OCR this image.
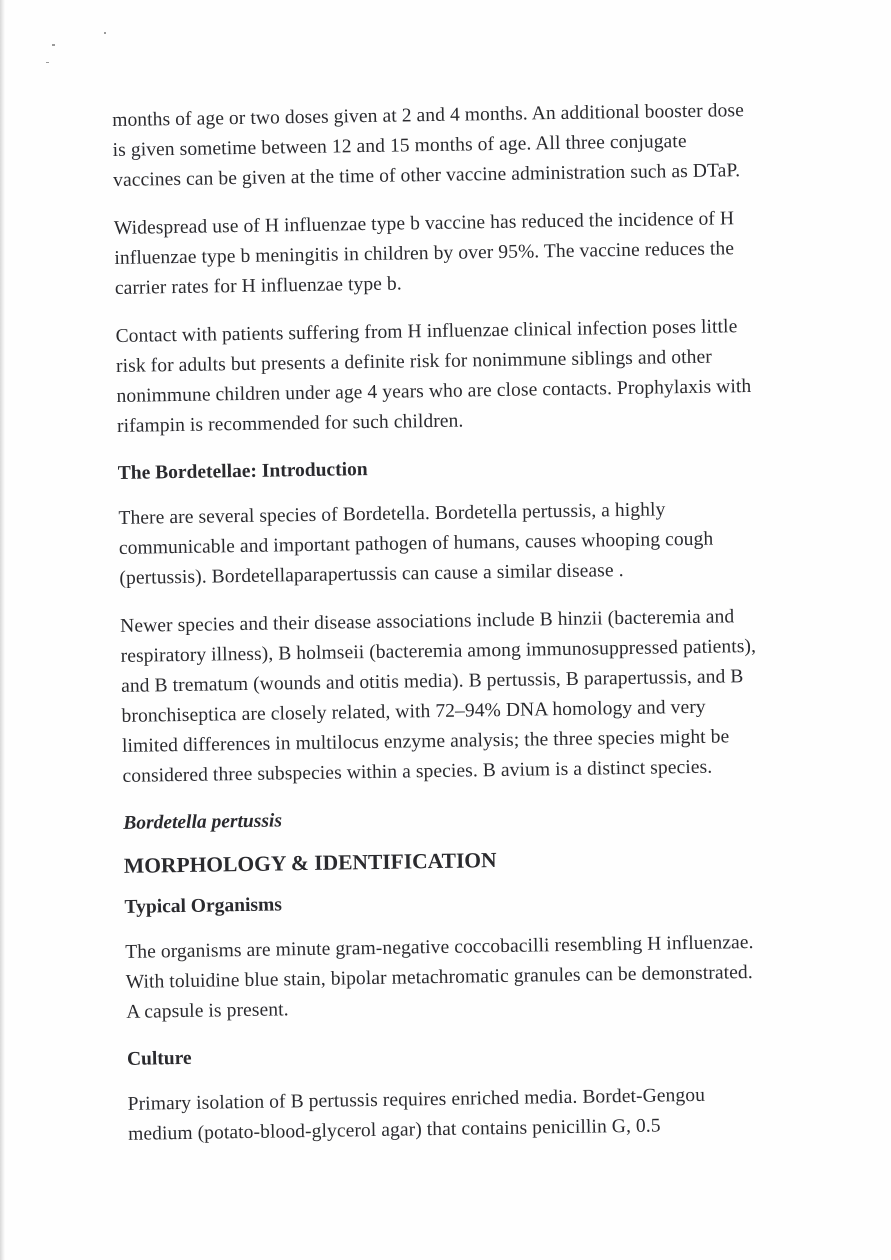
months of age or two doses given at 2 and 4 months. An additional booster dose is given sometime between 12 and 15 months of age. All three conjugate vaccines can be given at the time of other vaccine administration such as DTaP.

Widespread use of H influenzae type b vaccine has reduced the incidence of H influenzae type b meningitis in children by over 95%. The vaccine reduces the carrier rates for H influenzae type b.

Contact with patients suffering from H influenzae clinical infection poses little risk for adults but presents a definite risk for nonimmune siblings and other nonimmune children under age 4 years who are close contacts. Prophylaxis with rifampin is recommended for such children.

The Bordetellae: Introduction

There are several species of Bordetella. Bordetella pertussis, a highly communicable and important pathogen of humans, causes whooping cough (pertussis). Bordetellaparapertussis can cause a similar disease .

Newer species and their disease associations include B hinzii (bacteremia and respiratory illness), B holmseii (bacteremia among immunosuppressed patients), and B trematum (wounds and otitis media). B pertussis, B parapertussis, and B bronchiseptica are closely related, with 72–94% DNA homology and very limited differences in multilocus enzyme analysis; the three species might be considered three subspecies within a species. B avium is a distinct species.

Bordetella pertussis
MORPHOLOGY & IDENTIFICATION
Typical Organisms

The organisms are minute gram-negative coccobacilli resembling H influenzae. With toluidine blue stain, bipolar metachromatic granules can be demonstrated. A capsule is present.

Culture

Primary isolation of B pertussis requires enriched media. Bordet-Gengou medium (potato-blood-glycerol agar) that contains penicillin G, 0.5
